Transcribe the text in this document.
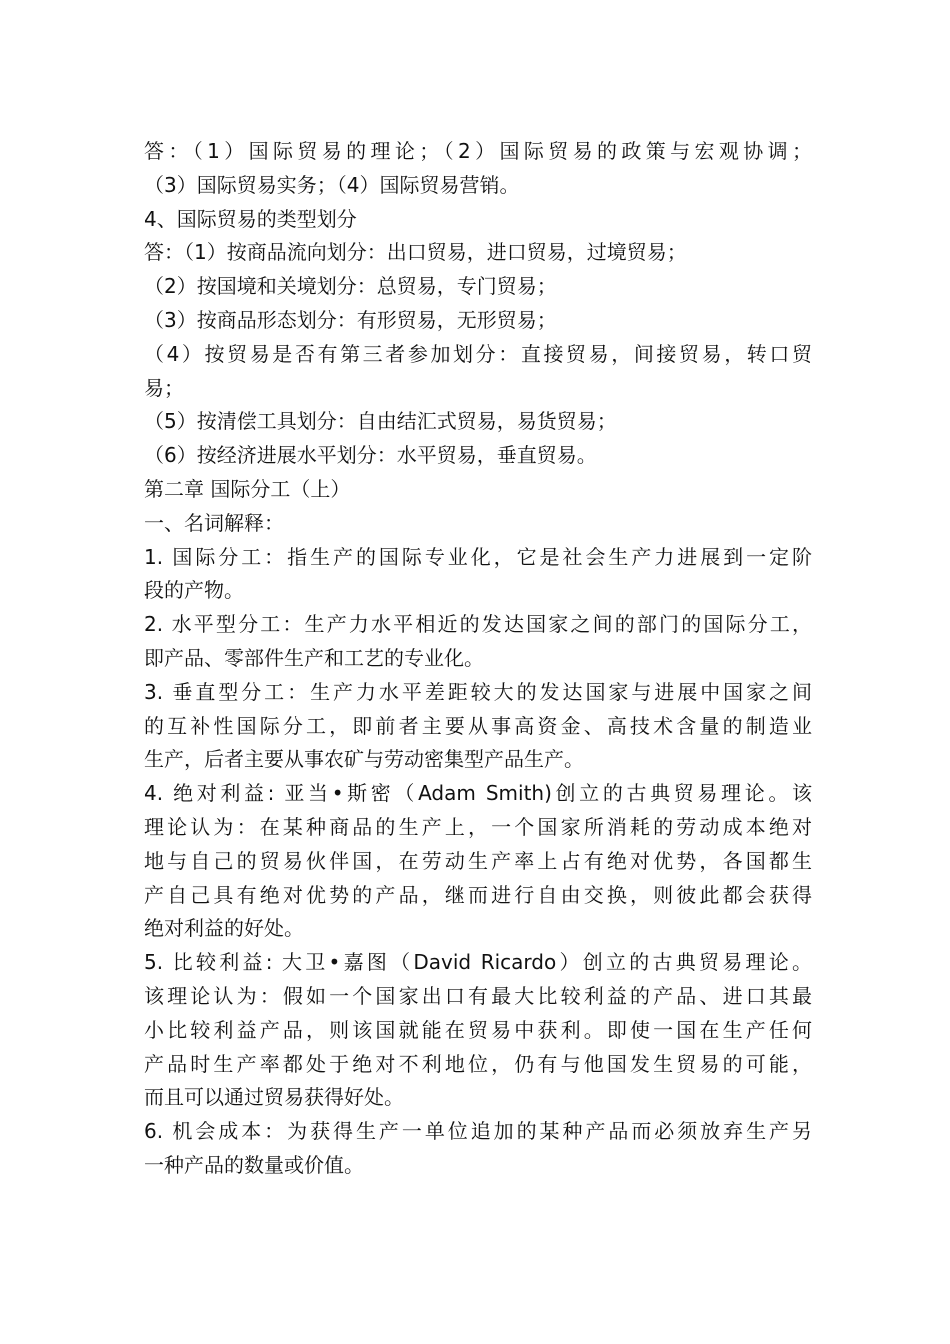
答：（1）国际贸易的理论；（2）国际贸易的政策与宏观协调；
（3）国际贸易实务；（4）国际贸易营销。
4、国际贸易的类型划分
答：（1）按商品流向划分：出口贸易，进口贸易，过境贸易；
（2）按国境和关境划分：总贸易，专门贸易；
（3）按商品形态划分：有形贸易，无形贸易；
（4）按贸易是否有第三者参加划分：直接贸易，间接贸易，转口贸
易；
（5）按清偿工具划分：自由结汇式贸易，易货贸易；
（6）按经济进展水平划分：水平贸易，垂直贸易。
第二章 国际分工（上）
一、名词解释：
1. 国际分工：指生产的国际专业化，它是社会生产力进展到一定阶
段的产物。
2. 水平型分工：生产力水平相近的发达国家之间的部门的国际分工，
即产品、零部件生产和工艺的专业化。
3. 垂直型分工：生产力水平差距较大的发达国家与进展中国家之间
的互补性国际分工，即前者主要从事高资金、高技术含量的制造业
生产，后者主要从事农矿与劳动密集型产品生产。
4. 绝对利益: 亚当•斯密（Adam Smith)创立的古典贸易理论。该
理论认为：在某种商品的生产上，一个国家所消耗的劳动成本绝对
地与自己的贸易伙伴国，在劳动生产率上占有绝对优势，各国都生
产自己具有绝对优势的产品，继而进行自由交换，则彼此都会获得
绝对利益的好处。
5. 比较利益: 大卫•嘉图（David Ricardo）创立的古典贸易理论。
该理论认为：假如一个国家出口有最大比较利益的产品、进口其最
小比较利益产品，则该国就能在贸易中获利。即使一国在生产任何
产品时生产率都处于绝对不利地位，仍有与他国发生贸易的可能，
而且可以通过贸易获得好处。
6. 机会成本：为获得生产一单位追加的某种产品而必须放弃生产另
一种产品的数量或价值。
